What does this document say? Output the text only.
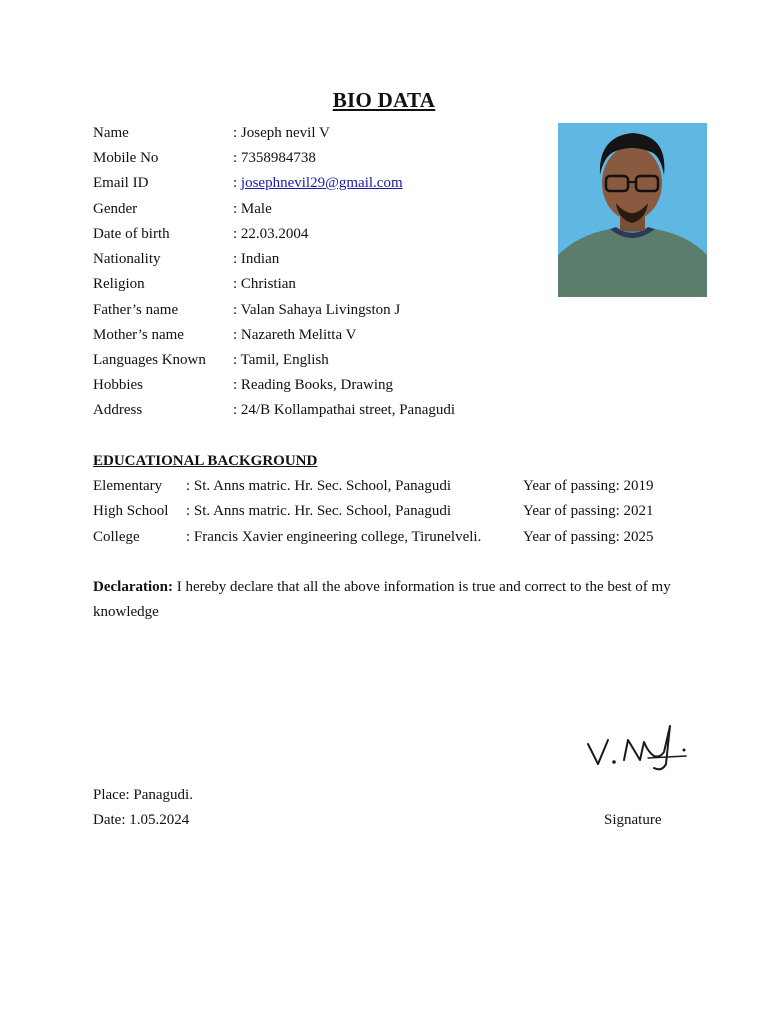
BIO DATA
Name	: Joseph nevil V
Mobile No	: 7358984738
Email ID	: josephnevil29@gmail.com
Gender	: Male
Date of birth	: 22.03.2004
Nationality	: Indian
Religion	: Christian
Father’s name	: Valan Sahaya Livingston J
Mother’s name	: Nazareth Melitta V
Languages Known : Tamil, English
Hobbies	: Reading Books, Drawing
Address	: 24/B Kollampathai street, Panagudi
EDUCATIONAL BACKGROUND
Elementary : St. Anns matric. Hr. Sec. School, Panagudi	Year of passing: 2019
High School : St. Anns matric. Hr. Sec. School, Panagudi	Year of passing: 2021
College	: Francis Xavier engineering college, Tirunelveli.	Year of passing: 2025
Declaration: I hereby declare that all the above information is true and correct to the best of my knowledge
Place: Panagudi.
Date: 1.05.2024	Signature
